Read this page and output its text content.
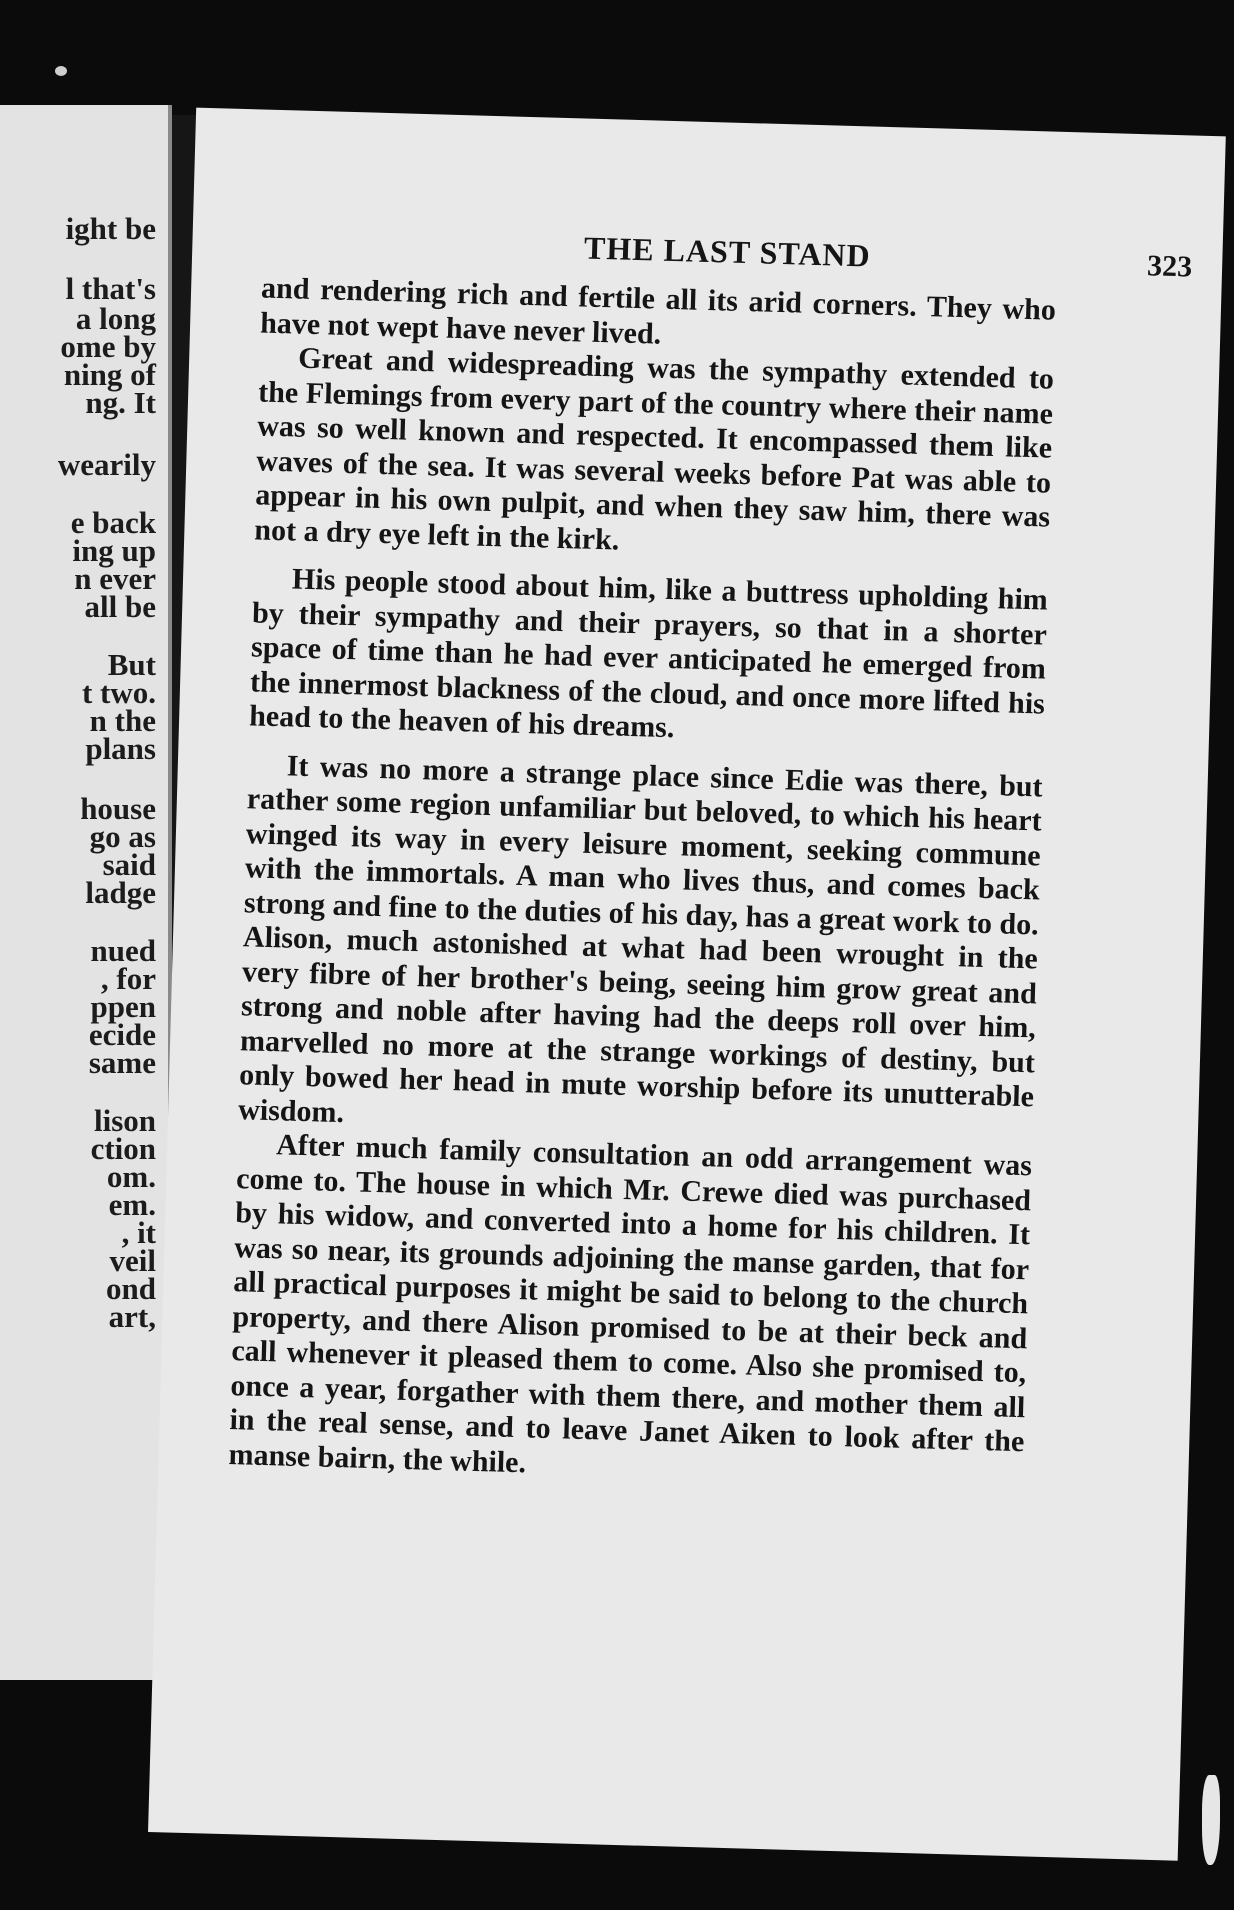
ight be

l that's

a long

ome by

ning of

ng. It

wearily

e back

ing up

n ever

all be

But

t two.

n the

plans

house

go as

said

ladge

nued

, for

ppen

ecide

same

lison

ction

om.

em.

, it

veil

ond

art,

THE LAST STAND	323

and rendering rich and fertile all its arid corners. They who have not wept have never lived.

Great and widespreading was the sympathy extended to the Flemings from every part of the country where their name was so well known and respected. It encompassed them like waves of the sea. It was several weeks before Pat was able to appear in his own pulpit, and when they saw him, there was not a dry eye left in the kirk.

His people stood about him, like a buttress upholding him by their sympathy and their prayers, so that in a shorter space of time than he had ever anticipated he emerged from the innermost blackness of the cloud, and once more lifted his head to the heaven of his dreams.

It was no more a strange place since Edie was there, but rather some region unfamiliar but beloved, to which his heart winged its way in every leisure moment, seeking commune with the immortals. A man who lives thus, and comes back strong and fine to the duties of his day, has a great work to do. Alison, much astonished at what had been wrought in the very fibre of her brother's being, seeing him grow great and strong and noble after having had the deeps roll over him, marvelled no more at the strange workings of destiny, but only bowed her head in mute worship before its unutterable wisdom.

After much family consultation an odd arrangement was come to. The house in which Mr. Crewe died was purchased by his widow, and converted into a home for his children. It was so near, its grounds adjoining the manse garden, that for all practical purposes it might be said to belong to the church property, and there Alison promised to be at their beck and call whenever it pleased them to come. Also she promised to, once a year, forgather with them there, and mother them all in the real sense, and to leave Janet Aiken to look after the manse bairn, the while.
